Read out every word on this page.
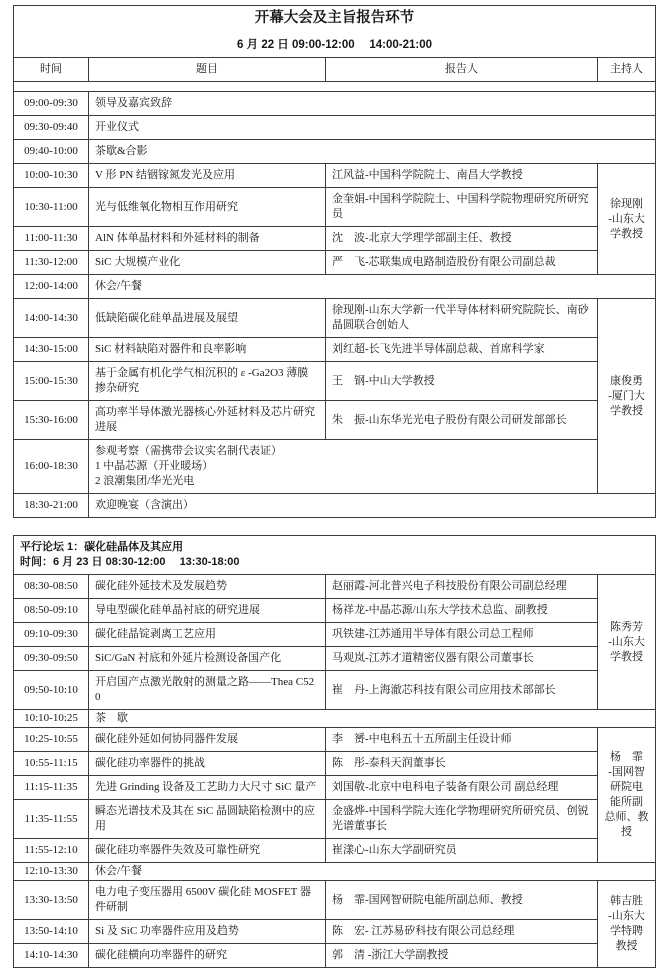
开幕大会及主旨报告环节
6 月 22 日 09:00-12:00　 14:00-21:00			

时间	题目	报告人	主持人

09:00-09:30	领导及嘉宾致辞		
09:30-09:40	开业仪式		
09:40-10:00	茶歇&合影		
10:00-10:30	V 形 PN 结铟镓氮发光及应用	江风益-中国科学院院士、南昌大学教授	徐现刚
-山东大
学教授
10:30-11:00	光与低维氧化物相互作用研究	金奎娟-中国科学院院士、中国科学院物理研究所研究员	
11:00-11:30	AlN 体单晶材料和外延材料的制备	沈　波-北京大学理学部副主任、教授	
11:30-12:00	SiC 大规模产业化	严　飞-芯联集成电路制造股份有限公司副总裁	
12:00-14:00	休会/午餐		
14:00-14:30	低缺陷碳化硅单晶进展及展望	徐现刚-山东大学新一代半导体材料研究院院长、南砂晶圆联合创始人	康俊勇
-厦门大
学教授
14:30-15:00	SiC 材料缺陷对器件和良率影响	刘红超-长飞先进半导体副总裁、首席科学家	
15:00-15:30	基于金属有机化学气相沉积的 ε -Ga2O3 薄膜掺杂研究	王　钢-中山大学教授	
15:30-16:00	高功率半导体激光器核心外延材料及芯片研究进展	朱　振-山东华光光电子股份有限公司研发部部长	
16:00-18:30	参观考察（需携带会议实名制代表证）
1 中晶芯源（开业暖场）
2 浪潮集团/华光光电		
18:30-21:00	欢迎晚宴（含演出）		
平行论坛 1：碳化硅晶体及其应用
时间：6 月 23 日 08:30-12:00　 13:30-18:00			

08:30-08:50	碳化硅外延技术及发展趋势	赵丽霞-河北普兴电子科技股份有限公司副总经理	陈秀芳
-山东大
学教授
08:50-09:10	导电型碳化硅单晶衬底的研究进展	杨祥龙-中晶芯源/山东大学技术总监、副教授	
09:10-09:30	碳化硅晶锭剥离工艺应用	巩铁建-江苏通用半导体有限公司总工程师	
09:30-09:50	SiC/GaN 衬底和外延片检测设备国产化	马观岚-江苏才道精密仪器有限公司董事长	
09:50-10:10	开启国产点激光散射的测量之路——Thea C520	崔　丹-上海澈芯科技有限公司应用技术部部长	
10:10-10:25	茶　歇		
10:25-10:55	碳化硅外延如何协同器件发展	李　赟-中电科五十五所副主任设计师	杨　霏
-国网智
研院电
能所副
总师、教
授
10:55-11:15	碳化硅功率器件的挑战	陈　彤-泰科天润董事长	
11:15-11:35	先进 Grinding 设备及工艺助力大尺寸 SiC 量产	刘国敬-北京中电科电子装备有限公司 副总经理	
11:35-11:55	瞬态光谱技术及其在 SiC 晶圆缺陷检测中的应用	金盛烨-中国科学院大连化学物理研究所研究员、创锐光谱董事长	
11:55-12:10	碳化硅功率器件失效及可靠性研究	崔漾心-山东大学副研究员	
12:10-13:30	休会/午餐		
13:30-13:50	电力电子变压器用 6500V 碳化硅 MOSFET 器件研制	杨　霏-国网智研院电能所副总师、教授	韩吉胜
-山东大
学特聘
教授
13:50-14:10	Si 及 SiC 功率器件应用及趋势	陈　宏- 江苏易矽科技有限公司总经理	
14:10-14:30	碳化硅横向功率器件的研究	郭　清 -浙江大学副教授	
